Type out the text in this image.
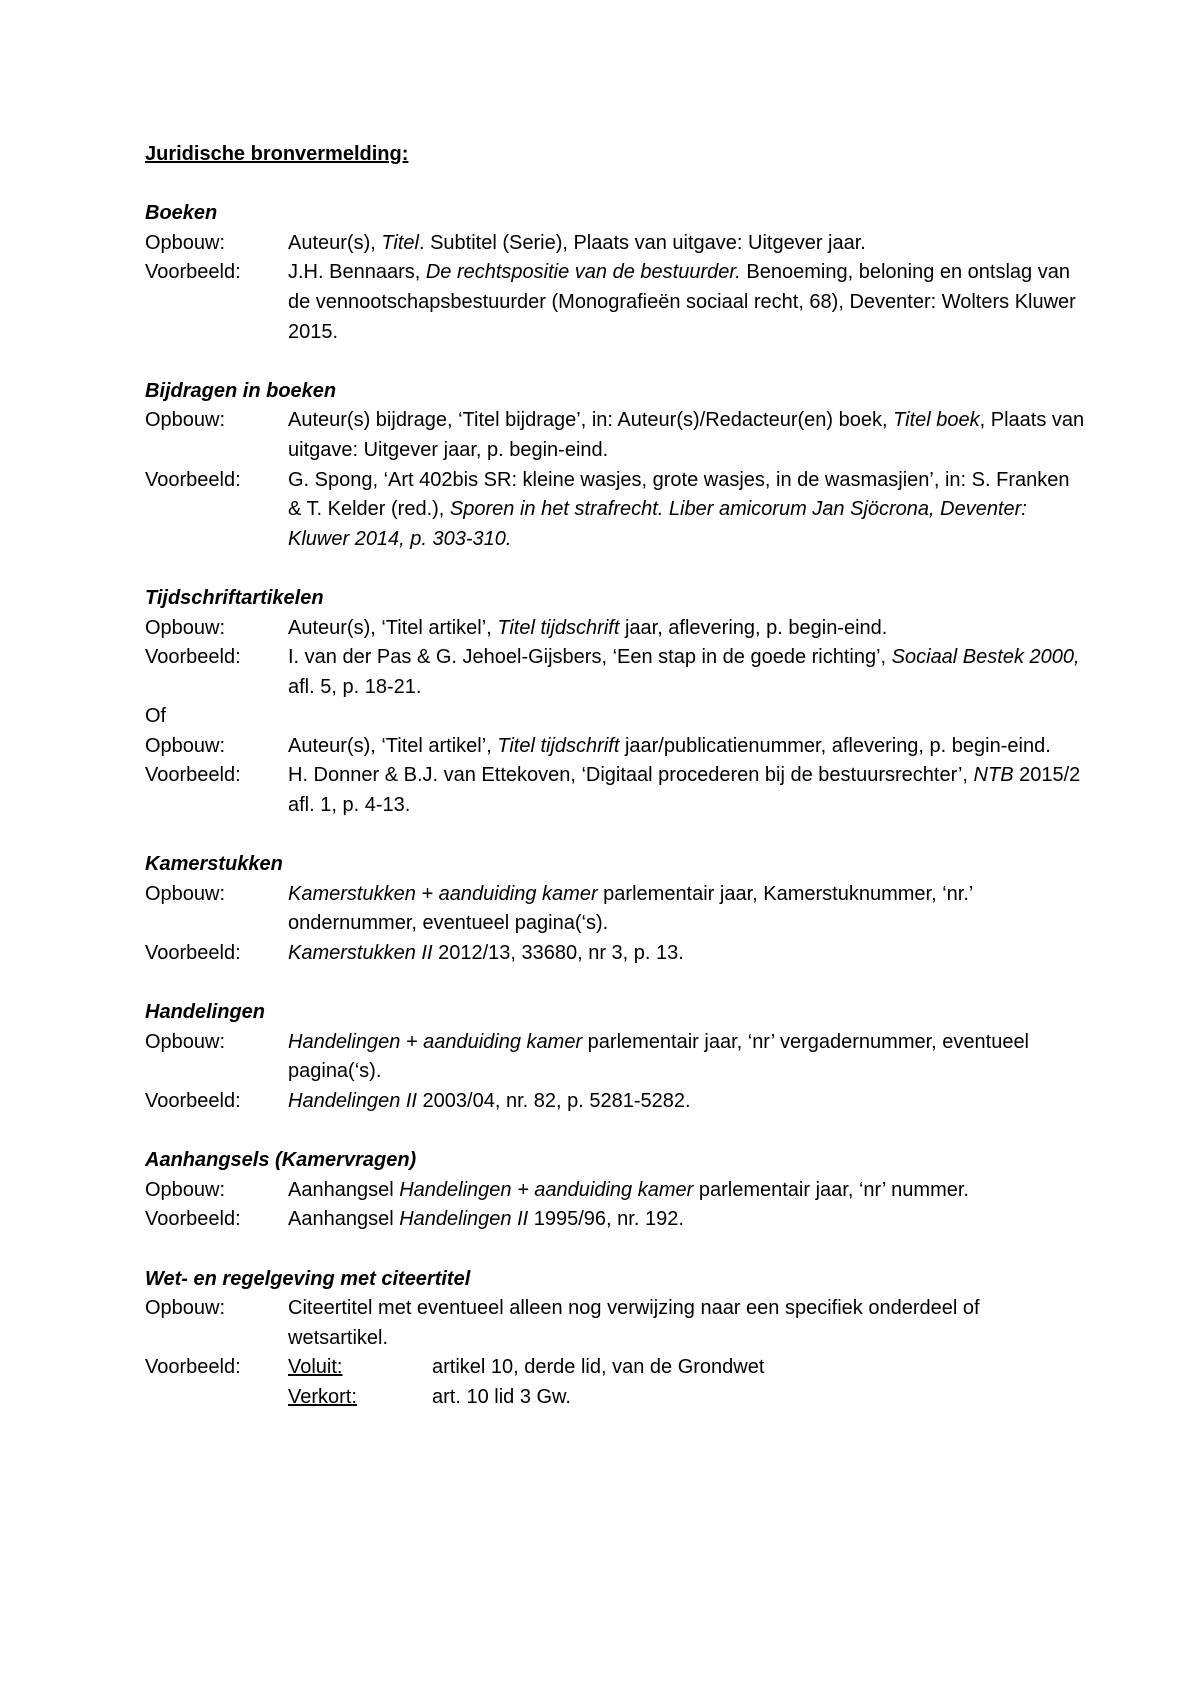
Juridische bronvermelding:
Boeken
Opbouw:	Auteur(s), Titel. Subtitel (Serie), Plaats van uitgave: Uitgever jaar.
Voorbeeld:	J.H. Bennaars, De rechtspositie van de bestuurder. Benoeming, beloning en ontslag van de vennootschapsbestuurder (Monografieën sociaal recht, 68), Deventer: Wolters Kluwer 2015.
Bijdragen in boeken
Opbouw:	Auteur(s) bijdrage, ‘Titel bijdrage’, in: Auteur(s)/Redacteur(en) boek, Titel boek, Plaats van uitgave: Uitgever jaar, p. begin-eind.
Voorbeeld:	G. Spong, ‘Art 402bis SR: kleine wasjes, grote wasjes, in de wasmasjien’, in: S. Franken & T. Kelder (red.), Sporen in het strafrecht. Liber amicorum Jan Sjöcrona, Deventer: Kluwer 2014, p. 303-310.
Tijdschriftartikelen
Opbouw:	Auteur(s), ‘Titel artikel’, Titel tijdschrift jaar, aflevering, p. begin-eind.
Voorbeeld:	I. van der Pas & G. Jehoel-Gijsbers, ‘Een stap in de goede richting’, Sociaal Bestek 2000, afl. 5, p. 18-21.
Of
Opbouw:	Auteur(s), ‘Titel artikel’, Titel tijdschrift jaar/publicatienummer, aflevering, p. begin-eind.
Voorbeeld:	H. Donner & B.J. van Ettekoven, ‘Digitaal procederen bij de bestuursrechter’, NTB 2015/2 afl. 1, p. 4-13.
Kamerstukken
Opbouw:	Kamerstukken + aanduiding kamer parlementair jaar, Kamerstuknummer, ‘nr.’ ondernummer, eventueel pagina(‘s).
Voorbeeld:	Kamerstukken II 2012/13, 33680, nr 3, p. 13.
Handelingen
Opbouw:	Handelingen + aanduiding kamer parlementair jaar, ‘nr’ vergadernummer, eventueel pagina(‘s).
Voorbeeld:	Handelingen II 2003/04, nr. 82, p. 5281-5282.
Aanhangsels (Kamervragen)
Opbouw:	Aanhangsel Handelingen + aanduiding kamer parlementair jaar, ‘nr’ nummer.
Voorbeeld:	Aanhangsel Handelingen II 1995/96, nr. 192.
Wet- en regelgeving met citeertitel
Opbouw:	Citeertitel met eventueel alleen nog verwijzing naar een specifiek onderdeel of wetsartikel.
Voorbeeld:	Voluit:	artikel 10, derde lid, van de Grondwet
Verkort:	art. 10 lid 3 Gw.
